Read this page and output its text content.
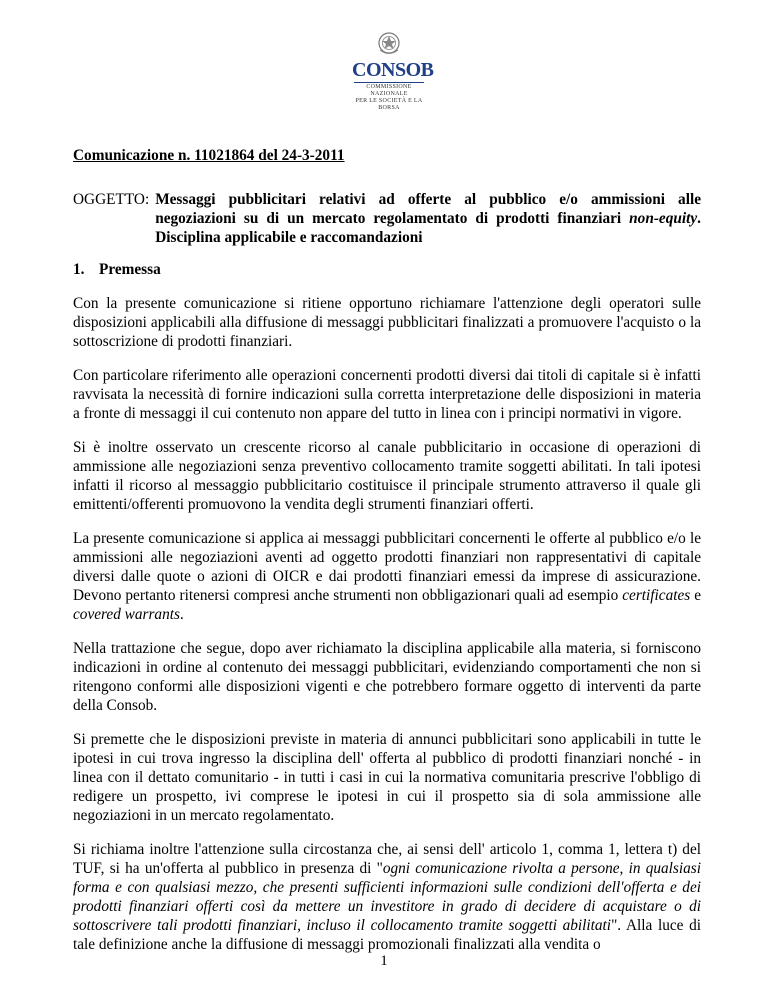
CONSOB
COMMISSIONE NAZIONALE
PER LE SOCIETÀ E LA BORSA

Comunicazione n. 11021864 del 24-3-2011

OGGETTO: Messaggi pubblicitari relativi ad offerte al pubblico e/o ammissioni alle negoziazioni su di un mercato regolamentato di prodotti finanziari non-equity. Disciplina applicabile e raccomandazioni
1. Premessa

Con la presente comunicazione si ritiene opportuno richiamare l'attenzione degli operatori sulle disposizioni applicabili alla diffusione di messaggi pubblicitari finalizzati a promuovere l'acquisto o la sottoscrizione di prodotti finanziari.

Con particolare riferimento alle operazioni concernenti prodotti diversi dai titoli di capitale si è infatti ravvisata la necessità di fornire indicazioni sulla corretta interpretazione delle disposizioni in materia a fronte di messaggi il cui contenuto non appare del tutto in linea con i principi normativi in vigore.

Si è inoltre osservato un crescente ricorso al canale pubblicitario in occasione di operazioni di ammissione alle negoziazioni senza preventivo collocamento tramite soggetti abilitati. In tali ipotesi infatti il ricorso al messaggio pubblicitario costituisce il principale strumento attraverso il quale gli emittenti/offerenti promuovono la vendita degli strumenti finanziari offerti.

La presente comunicazione si applica ai messaggi pubblicitari concernenti le offerte al pubblico e/o le ammissioni alle negoziazioni aventi ad oggetto prodotti finanziari non rappresentativi di capitale diversi dalle quote o azioni di OICR e dai prodotti finanziari emessi da imprese di assicurazione. Devono pertanto ritenersi compresi anche strumenti non obbligazionari quali ad esempio certificates e covered warrants.

Nella trattazione che segue, dopo aver richiamato la disciplina applicabile alla materia, si forniscono indicazioni in ordine al contenuto dei messaggi pubblicitari, evidenziando comportamenti che non si ritengono conformi alle disposizioni vigenti e che potrebbero formare oggetto di interventi da parte della Consob.

Si premette che le disposizioni previste in materia di annunci pubblicitari sono applicabili in tutte le ipotesi in cui trova ingresso la disciplina dell' offerta al pubblico di prodotti finanziari nonché - in linea con il dettato comunitario - in tutti i casi in cui la normativa comunitaria prescrive l'obbligo di redigere un prospetto, ivi comprese le ipotesi in cui il prospetto sia di sola ammissione alle negoziazioni in un mercato regolamentato.

Si richiama inoltre l'attenzione sulla circostanza che, ai sensi dell' articolo 1, comma 1, lettera t) del TUF, si ha un'offerta al pubblico in presenza di "ogni comunicazione rivolta a persone, in qualsiasi forma e con qualsiasi mezzo, che presenti sufficienti informazioni sulle condizioni dell'offerta e dei prodotti finanziari offerti così da mettere un investitore in grado di decidere di acquistare o di sottoscrivere tali prodotti finanziari, incluso il collocamento tramite soggetti abilitati". Alla luce di tale definizione anche la diffusione di messaggi promozionali finalizzati alla vendita o

1
